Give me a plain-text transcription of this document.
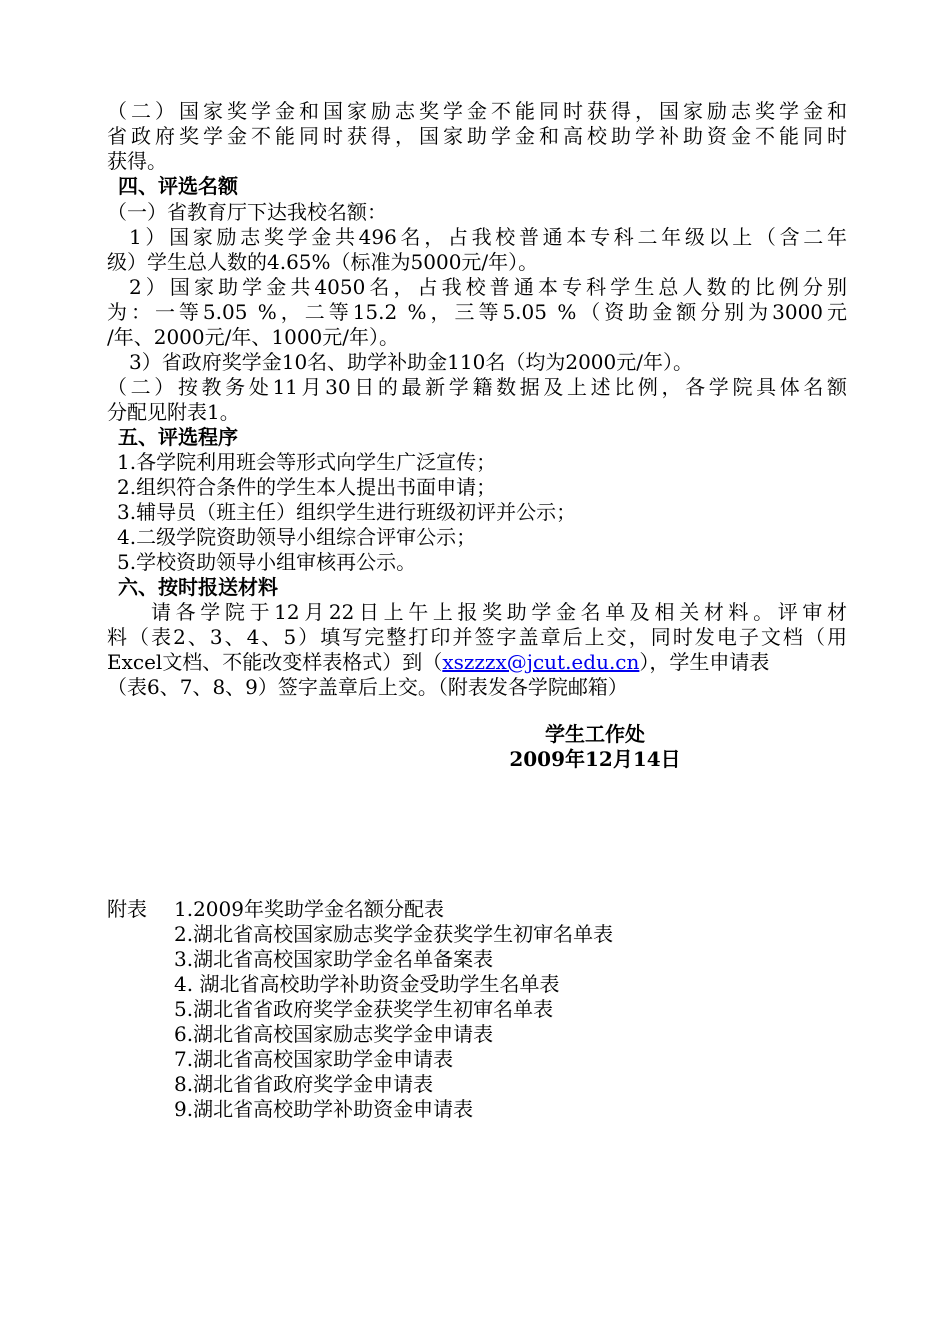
（二）国家奖学金和国家励志奖学金不能同时获得，国家励志奖学金和
省政府奖学金不能同时获得，国家助学金和高校助学补助资金不能同时
获得。
四、评选名额
（一）省教育厅下达我校名额：
1）国家励志奖学金共496名，占我校普通本专科二年级以上（含二年
级）学生总人数的4.65%（标准为5000元/年）。
2）国家助学金共4050名，占我校普通本专科学生总人数的比例分别
为：一等5.05 %，二等15.2 %，三等5.05 %（资助金额分别为3000元
/年、2000元/年、1000元/年）。
3）省政府奖学金10名、助学补助金110名（均为2000元/年）。
（二）按教务处11月30日的最新学籍数据及上述比例，各学院具体名额
分配见附表1。
五、评选程序
1.各学院利用班会等形式向学生广泛宣传；
2.组织符合条件的学生本人提出书面申请；
3.辅导员（班主任）组织学生进行班级初评并公示；
4.二级学院资助领导小组综合评审公示；
5.学校资助领导小组审核再公示。
六、按时报送材料
请各学院于12月22日上午上报奖助学金名单及相关材料。评审材
料（表2、3、4、5）填写完整打印并签字盖章后上交，同时发电子文档（用
Excel文档、不能改变样表格式）到（xszzzx@jcut.edu.cn），学生申请表
（表6、7、8、9）签字盖章后上交。（附表发各学院邮箱）
学生工作处
2009年12月14日
附表 1.2009年奖助学金名额分配表
2.湖北省高校国家励志奖学金获奖学生初审名单表
3.湖北省高校国家助学金名单备案表
4. 湖北省高校助学补助资金受助学生名单表
5.湖北省省政府奖学金获奖学生初审名单表
6.湖北省高校国家励志奖学金申请表
7.湖北省高校国家助学金申请表
8.湖北省省政府奖学金申请表
9.湖北省高校助学补助资金申请表
